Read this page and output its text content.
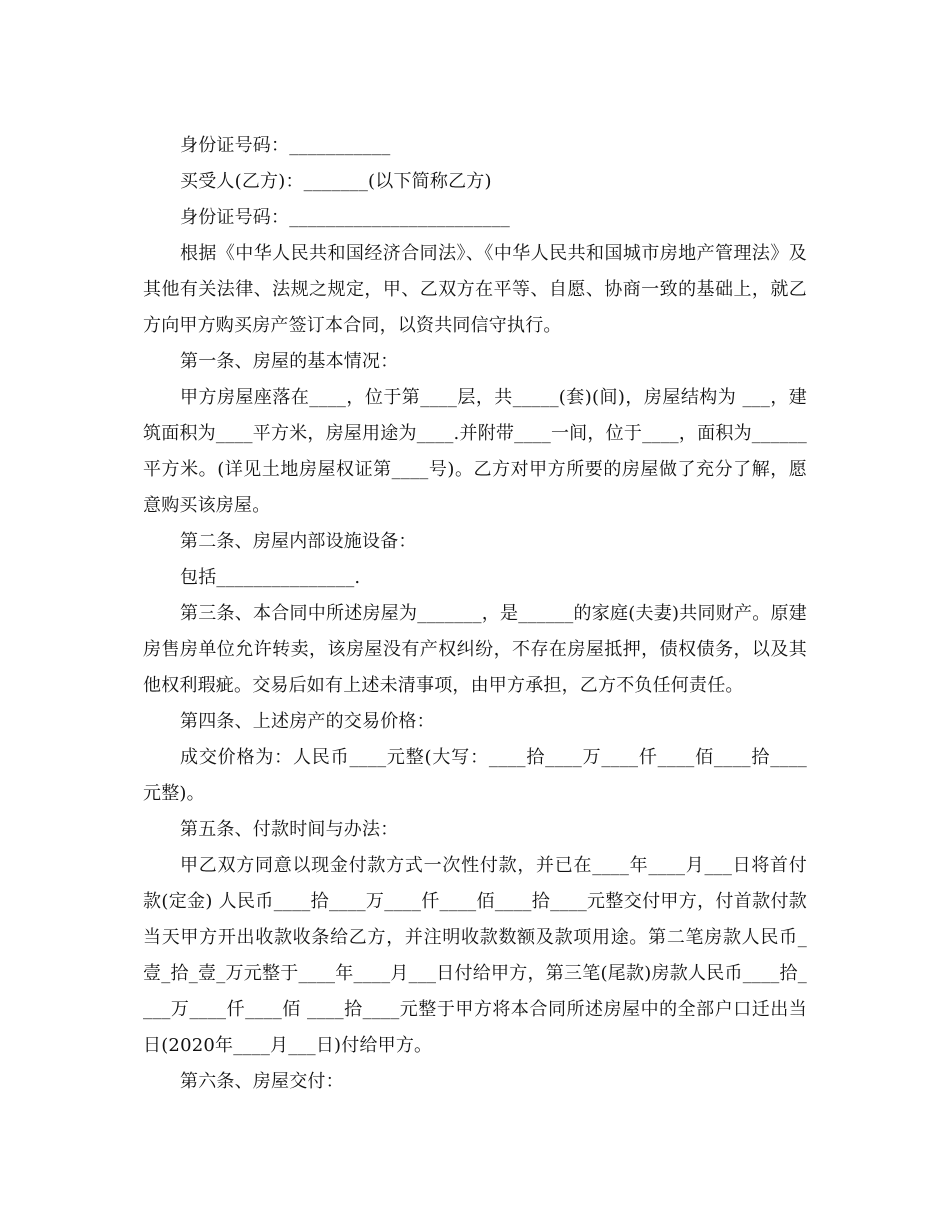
身份证号码：___________

买受人(乙方)：_______(以下简称乙方)

身份证号码：________________________

根据《中华人民共和国经济合同法》、《中华人民共和国城市房地产管理法》及其他有关法律、法规之规定，甲、乙双方在平等、自愿、协商一致的基础上，就乙方向甲方购买房产签订本合同，以资共同信守执行。

第一条、房屋的基本情况：

甲方房屋座落在____，位于第____层，共_____(套)(间)，房屋结构为 ___，建筑面积为____平方米，房屋用途为____.并附带____一间，位于____，面积为______平方米。(详见土地房屋权证第____号)。乙方对甲方所要的房屋做了充分了解，愿意购买该房屋。

第二条、房屋内部设施设备：

包括_______________.

第三条、本合同中所述房屋为_______，是______的家庭(夫妻)共同财产。原建房售房单位允许转卖，该房屋没有产权纠纷，不存在房屋抵押，债权债务，以及其他权利瑕疵。交易后如有上述未清事项，由甲方承担，乙方不负任何责任。

第四条、上述房产的交易价格：

成交价格为：人民币____元整(大写：____拾____万____仟____佰____拾____元整)。

第五条、付款时间与办法：

甲乙双方同意以现金付款方式一次性付款，并已在____年____月___日将首付款(定金) 人民币____拾____万____仟____佰____拾____元整交付甲方，付首款付款当天甲方开出收款收条给乙方，并注明收款数额及款项用途。第二笔房款人民币_壹_拾_壹_万元整于____年____月___日付给甲方，第三笔(尾款)房款人民币____拾____万____仟____佰 ____拾____元整于甲方将本合同所述房屋中的全部户口迁出当日(2020年____月___日)付给甲方。

第六条、房屋交付：
